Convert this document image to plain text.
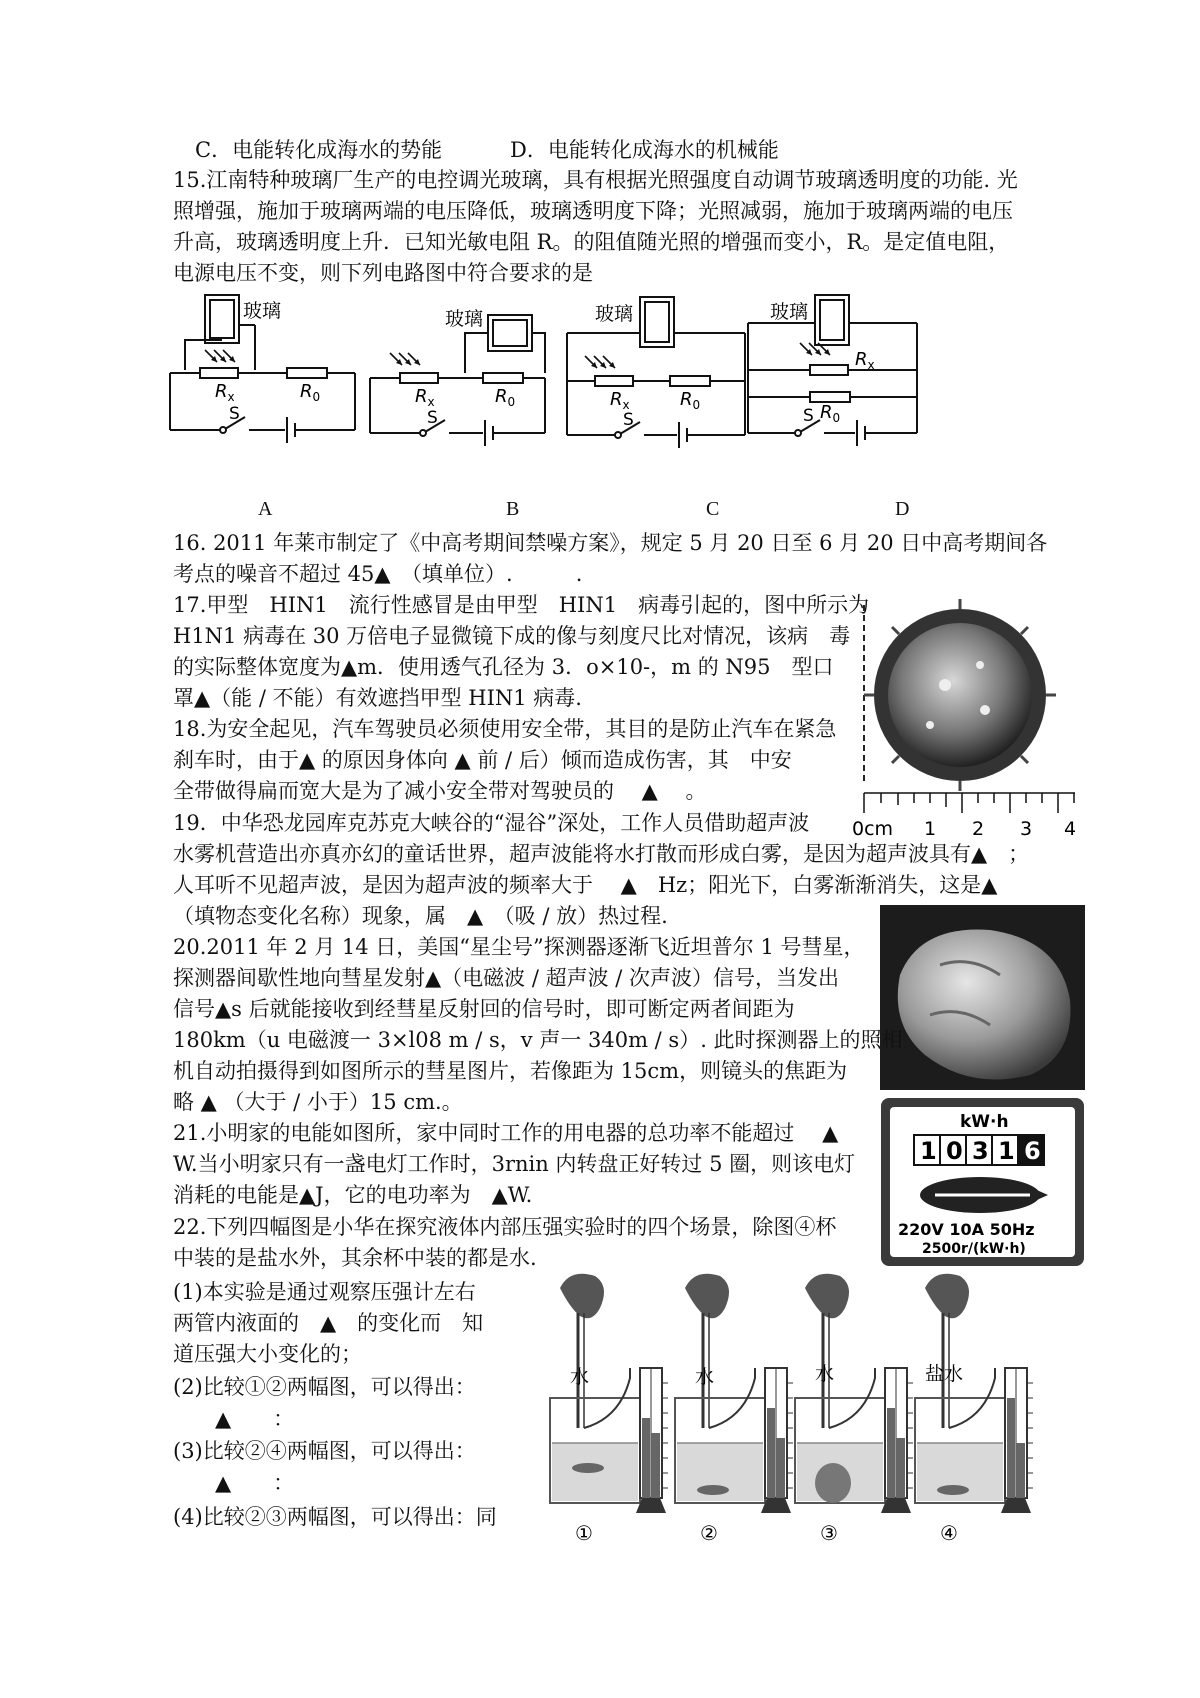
C．电能转化成海水的势能	D．电能转化成海水的机械能
15.江南特种玻璃厂生产的电控调光玻璃，具有根据光照强度自动调节玻璃透明度的功能. 光
照增强，施加于玻璃两端的电压降低，玻璃透明度下降；光照减弱，施加于玻璃两端的电压
升高，玻璃透明度上升．已知光敏电阻 R。的阻值随光照的增强而变小，R。是定值电阻，
电源电压不变，则下列电路图中符合要求的是
玻璃
$R_x$	$R_0$
S
玻璃
$R_x$	$R_0$
S
玻璃
$R_x$	$R_0$
S
玻璃
$R_x$
$R_0$
S
A	B	C	D
16. 2011 年莱市制定了《中高考期间禁噪方案》，规定 5 月 20 日至 6 月 20 日中高考期间各
考点的噪音不超过 45▲　（填单位）.　　　.
17.甲型　HIN1　流行性感冒是由甲型　HIN1　病毒引起的，图中所示为
H1N1 病毒在 30 万倍电子显微镜下成的像与刻度尺比对情况，该病　毒
的实际整体宽度为▲m．使用透气孔径为 3．o×10-，m 的 N95　型口
罩▲（能 / 不能）有效遮挡甲型 HIN1 病毒.
0cm 1 2 3 4
18.为安全起见，汽车驾驶员必须使用安全带，其目的是防止汽车在紧急
刹车时，由于▲ 的原因身体向 ▲ 前 / 后）倾而造成伤害，其　中安
全带做得扁而宽大是为了减小安全带对驾驶员的　 ▲　 。
19．中华恐龙园库克苏克大峡谷的“湿谷”深处，工作人员借助超声波
水雾机营造出亦真亦幻的童话世界，超声波能将水打散而形成白雾，是因为超声波具有▲　；
人耳听不见超声波，是因为超声波的频率大于　 ▲　Hz；阳光下，白雾渐渐消失，这是▲
（填物态变化名称）现象，属　▲　（吸 / 放）热过程.
20.2011 年 2 月 14 日，美国“星尘号”探测器逐渐飞近坦普尔 1 号彗星，
探测器间歇性地向彗星发射▲（电磁波 / 超声波 / 次声波）信号，当发出
信号▲s 后就能接收到经彗星反射回的信号时，即可断定两者间距为
180km（u 电磁渡一 3×l08 m / s，v 声一 340m / s）. 此时探测器上的照相
机自动拍摄得到如图所示的彗星图片，若像距为 15cm，则镜头的焦距为
略 ▲ （大于 / 小于）15 cm.。
kW·h
1 0 3 1 6
220V 10A 50Hz
2500r/(kW·h)
21.小明家的电能如图所，家中同时工作的用电器的总功率不能超过　 ▲
W.当小明家只有一盏电灯工作时，3rnin 内转盘正好转过 5 圈，则该电灯
消耗的电能是▲J，它的电功率为　▲W.
22.下列四幅图是小华在探究液体内部压强实验时的四个场景，除图④杯
中装的是盐水外，其余杯中装的都是水.
(1)本实验是通过观察压强计左右
两管内液面的　▲　的变化而　知
道压强大小变化的；
(2)比较①②两幅图，可以得出：
　　▲　　：
(3)比较②④两幅图，可以得出：
　　▲　　：
(4)比较②③两幅图，可以得出：同
水	水	水	盐水
①	②	③	④
